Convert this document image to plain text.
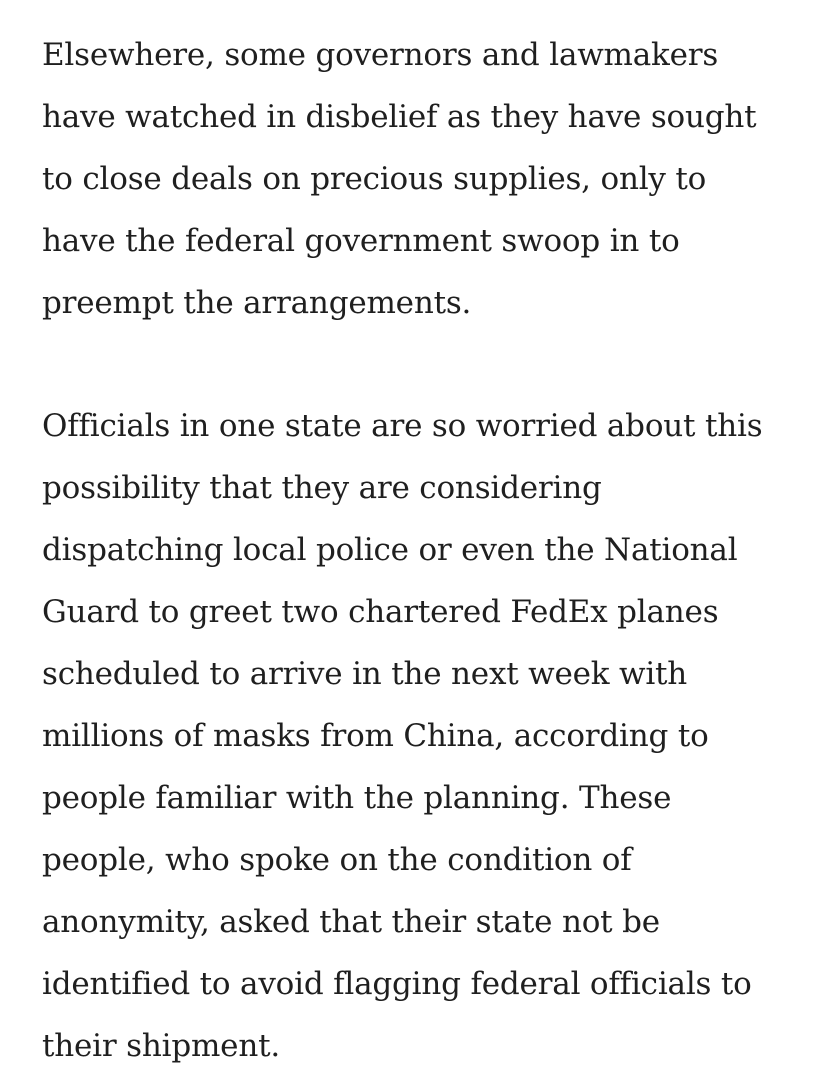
Elsewhere, some governors and lawmakers
have watched in disbelief as they have sought
to close deals on precious supplies, only to
have the federal government swoop in to
preempt the arrangements.

Officials in one state are so worried about this
possibility that they are considering
dispatching local police or even the National
Guard to greet two chartered FedEx planes
scheduled to arrive in the next week with
millions of masks from China, according to
people familiar with the planning. These
people, who spoke on the condition of
anonymity, asked that their state not be
identified to avoid flagging federal officials to
their shipment.
